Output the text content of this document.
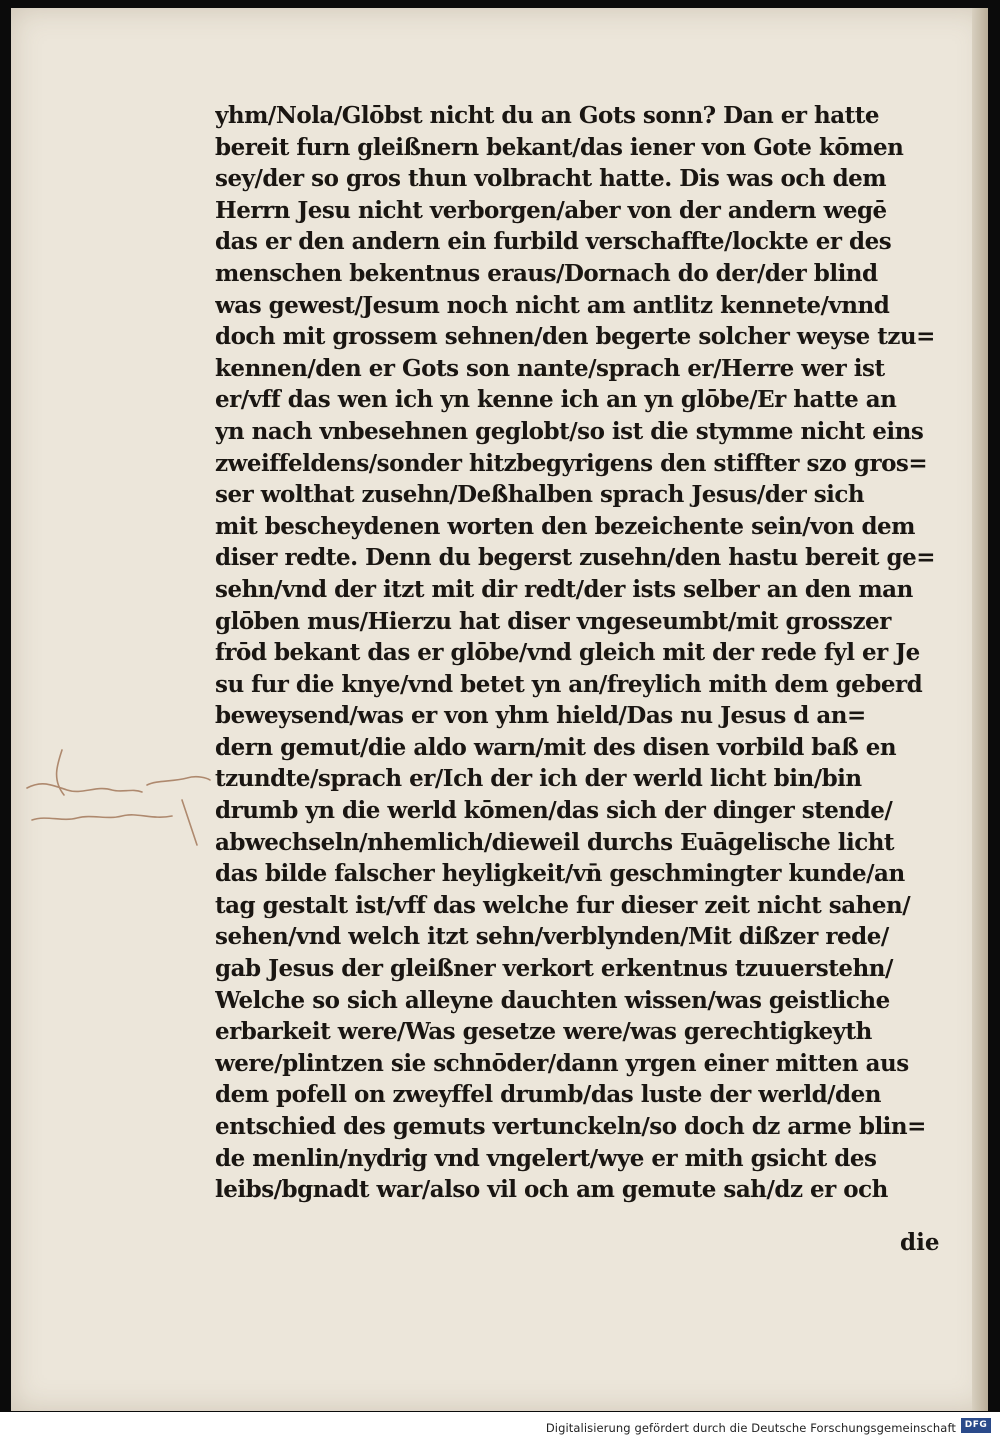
yhm/Nola/Glōbst nicht du an Gots sonn? Dan er hatte
bereit furn gleißnern bekant/das iener von Gote kōmen
sey/der so gros thun volbracht hatte. Dis was och dem
Herrn Jesu nicht verborgen/aber von der andern wegē
das er den andern ein furbild verschaffte/lockte er des
menschen bekentnus eraus/Dornach do der/der blind
was gewest/Jesum noch nicht am antlitz kennete/vnnd
doch mit grossem sehnen/den begerte solcher weyse tzu=
kennen/den er Gots son nante/sprach er/Herre wer ist
er/vff das wen ich yn kenne ich an yn glōbe/Er hatte an
yn nach vnbesehnen geglobt/so ist die stymme nicht eins
zweiffeldens/sonder hitzbegyrigens den stiffter szo gros=
ser wolthat zusehn/Deßhalben sprach Jesus/der sich
mit bescheydenen worten den bezeichente sein/von dem
diser redte. Denn du begerst zusehn/den hastu bereit ge=
sehn/vnd der itzt mit dir redt/der ists selber an den man
glōben mus/Hierzu hat diser vngeseumbt/mit grosszer
frōd bekant das er glōbe/vnd gleich mit der rede fyl er Je
su fur die knye/vnd betet yn an/freylich mith dem geberd
beweysend/was er von yhm hield/Das nu Jesus d an=
dern gemut/die aldo warn/mit des disen vorbild baß en
tzundte/sprach er/Ich der ich der werld licht bin/bin
drumb yn die werld kōmen/das sich der dinger stende/
abwechseln/nhemlich/dieweil durchs Euāgelische licht
das bilde falscher heyligkeit/vn̄ geschmingter kunde/an
tag gestalt ist/vff das welche fur dieser zeit nicht sahen/
sehen/vnd welch itzt sehn/verblynden/Mit dißzer rede/
gab Jesus der gleißner verkort erkentnus tzuuerstehn/
Welche so sich alleyne dauchten wissen/was geistliche
erbarkeit were/Was gesetze were/was gerechtigkeyth
were/plintzen sie schnōder/dann yrgen einer mitten aus
dem pofell on zweyffel drumb/das luste der werld/den
entschied des gemuts vertunckeln/so doch dz arme blin=
de menlin/nydrig vnd vngelert/wye er mith gsicht des
leibs/bgnadt war/also vil och am gemute sah/dz er och
die
Digitalisierung gefördert durch die Deutsche Forschungsgemeinschaft DFG
